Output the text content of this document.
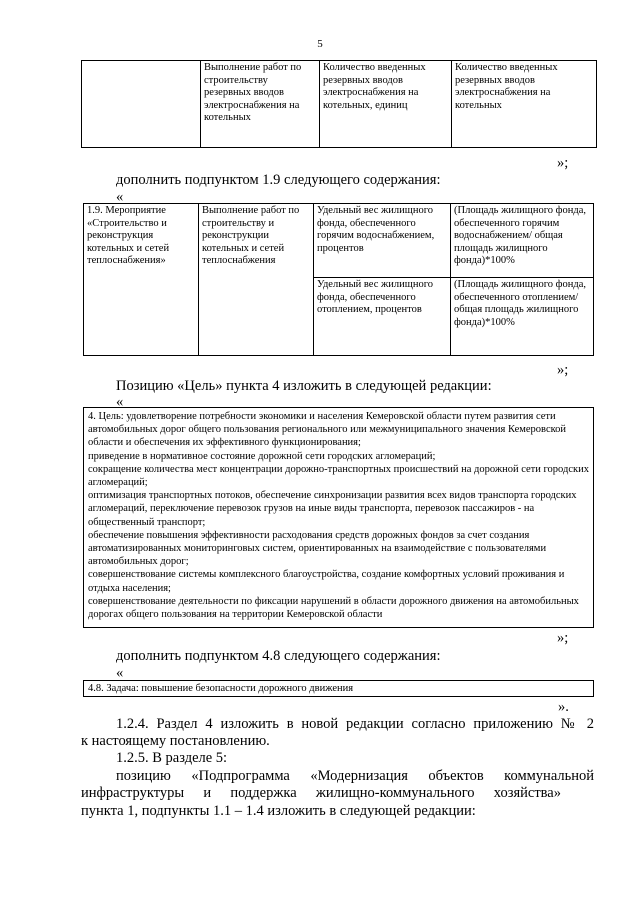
5
	Выполнение работ по строительству резервных вводов электроснабжения на котельных	Количество введенных резервных вводов электроснабжения на котельных, единиц	Количество введенных резервных вводов электроснабжения на котельных
»;
дополнить подпунктом 1.9 следующего содержания:
«
1.9. Мероприятие «Строительство и реконструкция котельных и сетей теплоснабжения»	Выполнение работ по строительству и реконструкции котельных и сетей теплоснабжения	Удельный вес жилищного фонда, обеспеченного горячим водоснабжением, процентов	(Площадь жилищного фонда, обеспеченного горячим водоснабжением/ общая площадь жилищного фонда)*100%
		Удельный вес жилищного фонда, обеспеченного отоплением, процентов	(Площадь жилищного фонда, обеспеченного отоплением/ общая площадь жилищного фонда)*100%
»;
Позицию «Цель» пункта 4 изложить в следующей редакции:
«

4. Цель: удовлетворение потребности экономики и населения Кемеровской области путем развития сети автомобильных дорог общего пользования регионального или межмуниципального значения Кемеровской области и обеспечения их эффективного функционирования;

приведение в нормативное состояние дорожной сети городских агломераций;

сокращение количества мест концентрации дорожно-транспортных происшествий на дорожной сети городских агломераций;

оптимизация транспортных потоков, обеспечение синхронизации развития всех видов транспорта городских агломераций, переключение перевозок грузов на иные виды транспорта, перевозок пассажиров - на общественный транспорт;

обеспечение повышения эффективности расходования средств дорожных фондов за счет создания автоматизированных мониторинговых систем, ориентированных на взаимодействие с пользователями автомобильных дорог;

совершенствование системы комплексного благоустройства, создание комфортных условий проживания и отдыха населения;

совершенствование деятельности по фиксации нарушений в области дорожного движения на автомобильных дорогах общего пользования на территории Кемеровской области

»;
дополнить подпунктом 4.8 следующего содержания:
«
4.8. Задача: повышение безопасности дорожного движения
».
1.2.4. Раздел 4 изложить в новой редакции согласно приложению № 2
к настоящему постановлению.
1.2.5. В разделе 5:
позицию «Подпрограмма «Модернизация объектов коммунальной
инфраструктуры и поддержка жилищно-коммунального хозяйства»
пункта 1, подпункты 1.1 – 1.4 изложить в следующей редакции:
